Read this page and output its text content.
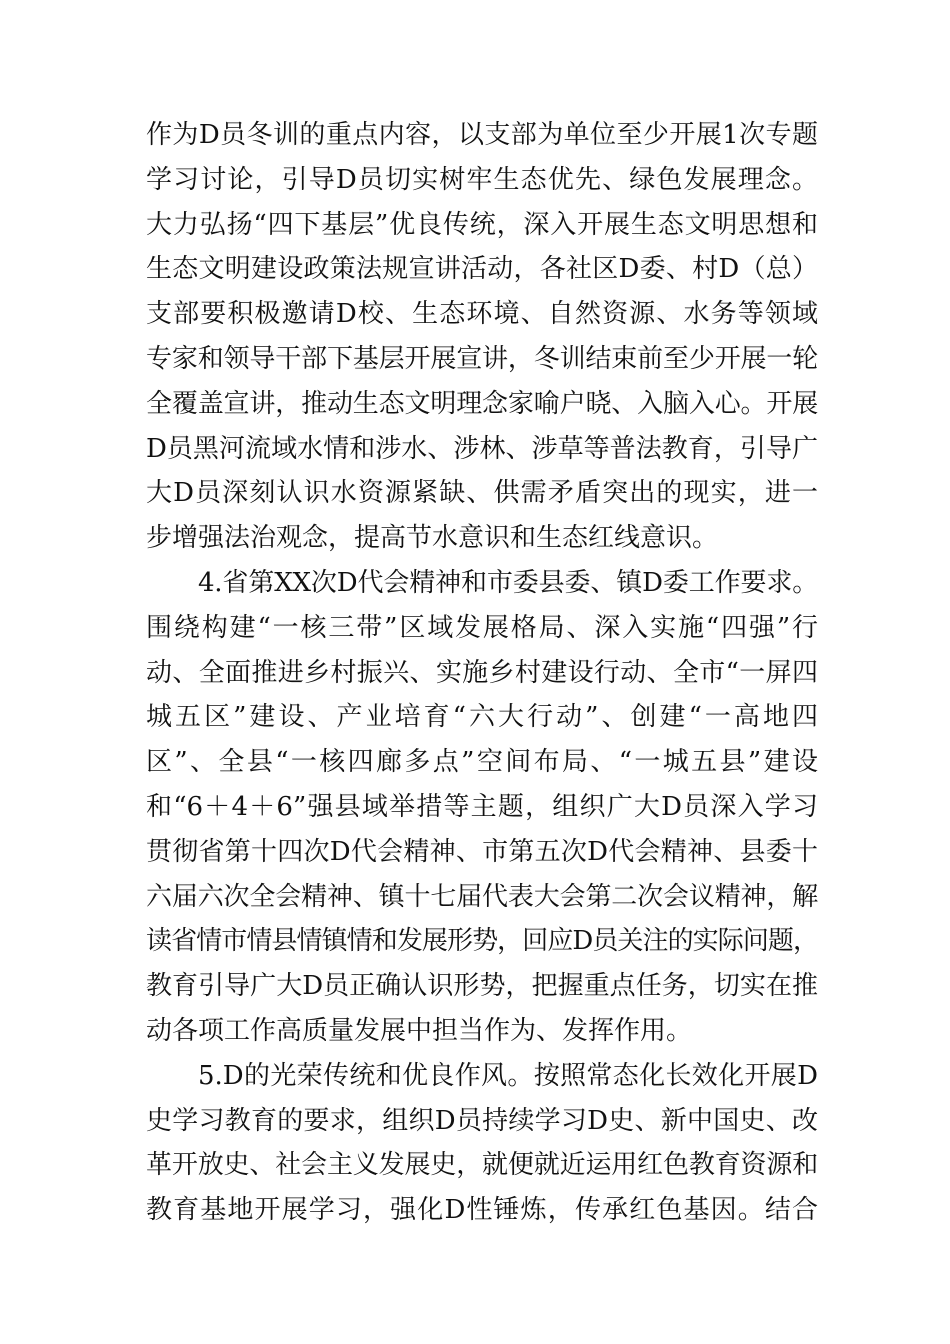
作为D员冬训的重点内容，以支部为单位至少开展1次专题
学习讨论，引导D员切实树牢生态优先、绿色发展理念。
大力弘扬“四下基层”优良传统，深入开展生态文明思想和
生态文明建设政策法规宣讲活动，各社区D委、村D（总）
支部要积极邀请D校、生态环境、自然资源、水务等领域
专家和领导干部下基层开展宣讲，冬训结束前至少开展一轮
全覆盖宣讲，推动生态文明理念家喻户晓、入脑入心。开展
D员黑河流域水情和涉水、涉林、涉草等普法教育，引导广
大D员深刻认识水资源紧缺、供需矛盾突出的现实，进一
步增强法治观念，提高节水意识和生态红线意识。
4.省第XX次D代会精神和市委县委、镇D委工作要求。
围绕构建“一核三带”区域发展格局、深入实施“四强”行
动、全面推进乡村振兴、实施乡村建设行动、全市“一屏四
城五区”建设、产业培育“六大行动”、创建“一高地四
区”、全县“一核四廊多点”空间布局、“一城五县”建设
和“6＋4＋6”强县域举措等主题，组织广大D员深入学习
贯彻省第十四次D代会精神、市第五次D代会精神、县委十
六届六次全会精神、镇十七届代表大会第二次会议精神，解
读省情市情县情镇情和发展形势，回应D员关注的实际问题，
教育引导广大D员正确认识形势，把握重点任务，切实在推
动各项工作高质量发展中担当作为、发挥作用。
5.D的光荣传统和优良作风。按照常态化长效化开展D
史学习教育的要求，组织D员持续学习D史、新中国史、改
革开放史、社会主义发展史，就便就近运用红色教育资源和
教育基地开展学习，强化D性锤炼，传承红色基因。结合
